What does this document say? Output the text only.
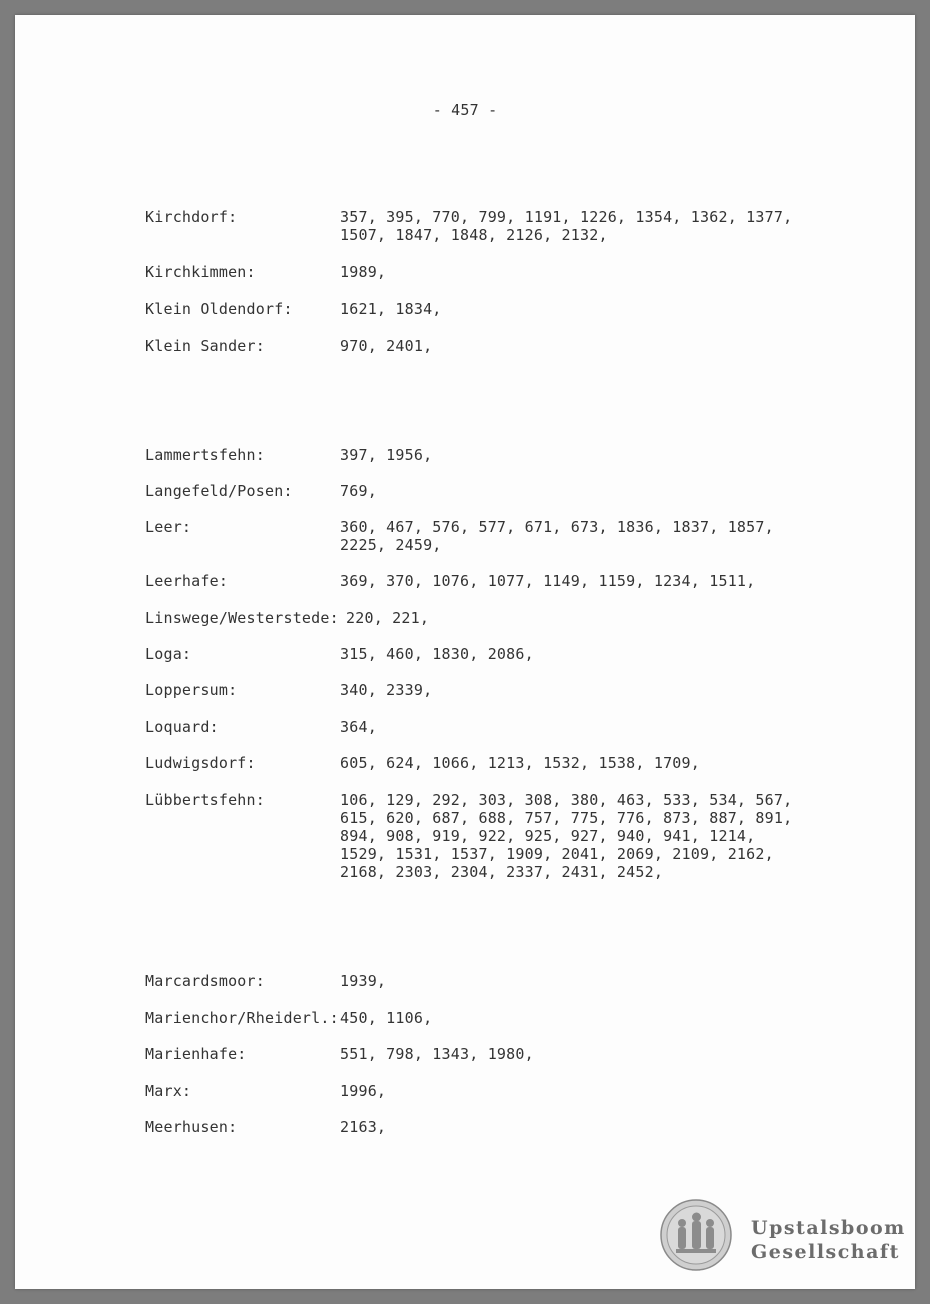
- 457 -
Kirchdorf:	357, 395, 770, 799, 1191, 1226, 1354, 1362, 1377, 1507, 1847, 1848, 2126, 2132,
Kirchkimmen:	1989,
Klein Oldendorf:	1621, 1834,
Klein Sander:	970, 2401,
Lammertsfehn:	397, 1956,
Langefeld/Posen:	769,
Leer:	360, 467, 576, 577, 671, 673, 1836, 1837, 1857, 2225, 2459,
Leerhafe:	369, 370, 1076, 1077, 1149, 1159, 1234, 1511,
Linswege/Westerstede: 220, 221,
Loga:	315, 460, 1830, 2086,
Loppersum:	340, 2339,
Loquard:	364,
Ludwigsdorf:	605, 624, 1066, 1213, 1532, 1538, 1709,
Lübbertsfehn:	106, 129, 292, 303, 308, 380, 463, 533, 534, 567, 615, 620, 687, 688, 757, 775, 776, 873, 887, 891, 894, 908, 919, 922, 925, 927, 940, 941, 1214, 1529, 1531, 1537, 1909, 2041, 2069, 2109, 2162, 2168, 2303, 2304, 2337, 2431, 2452,
Marcardsmoor:	1939,
Marienchor/Rheiderl.: 450, 1106,
Marienhafe:	551, 798, 1343, 1980,
Marx:	1996,
Meerhusen:	2163,
Upstalsboom
Gesellschaft
